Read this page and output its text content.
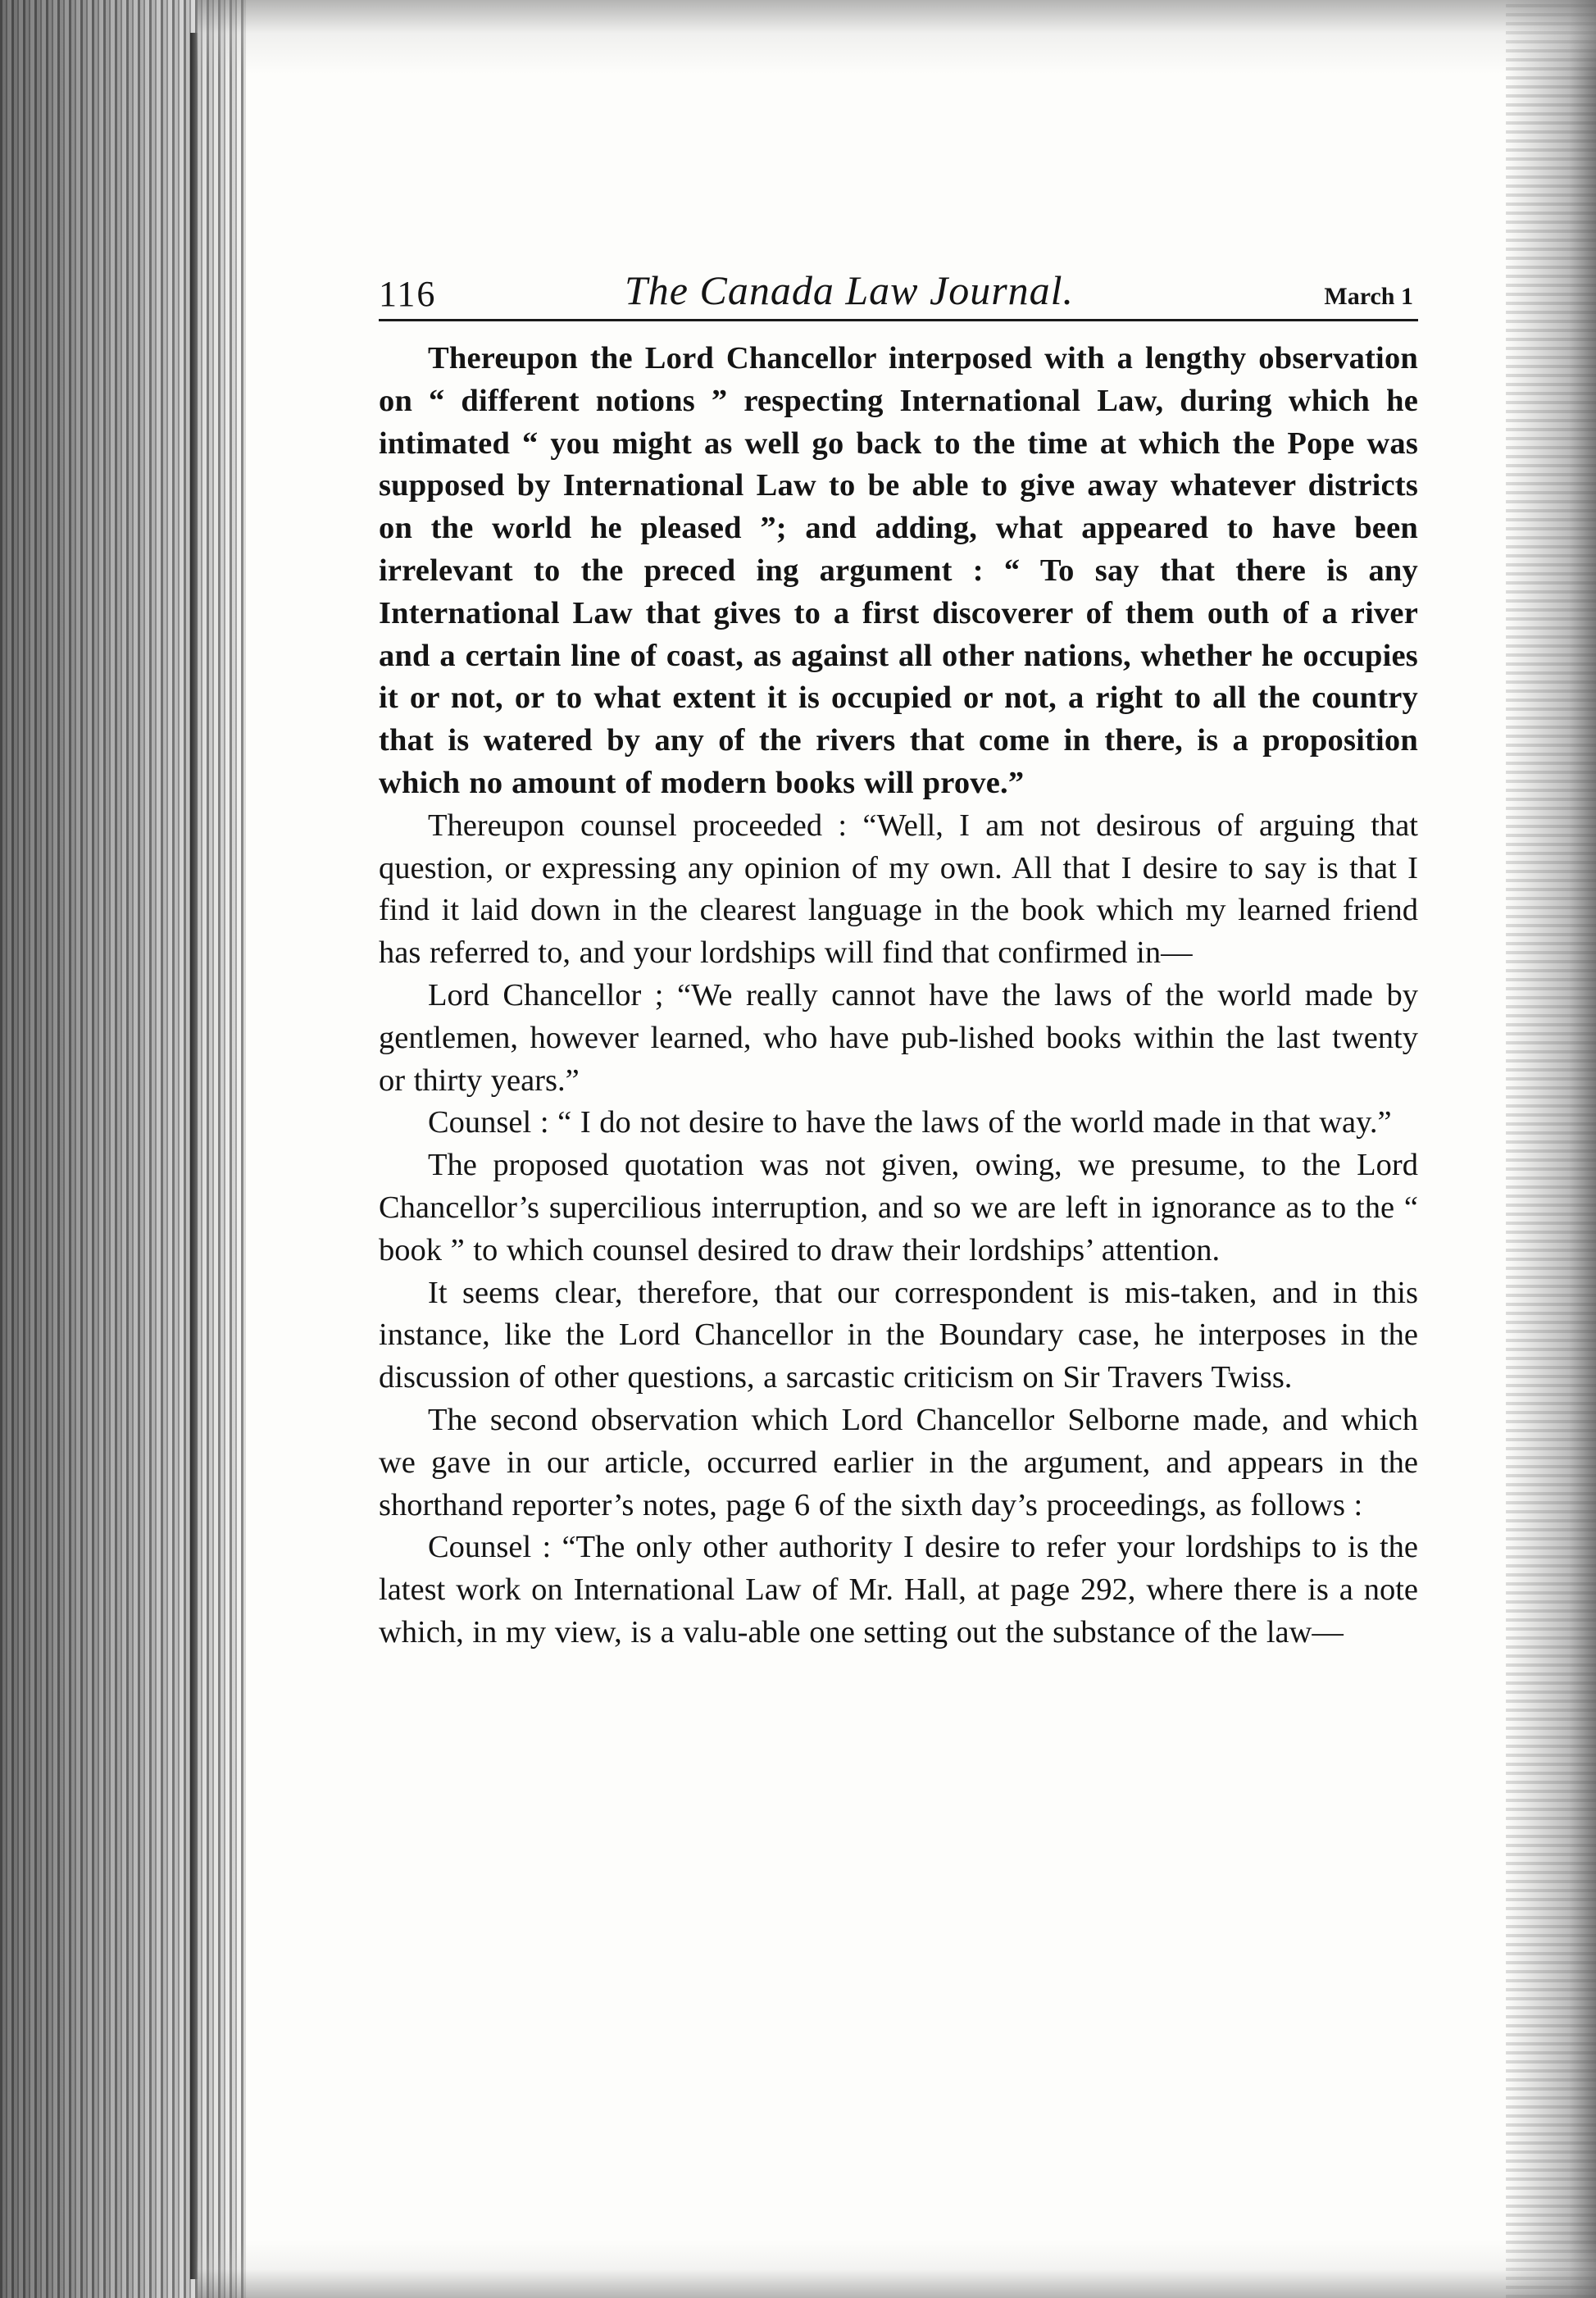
116	The Canada Law Journal.	March 1

Thereupon the Lord Chancellor interposed with a lengthy observation on “ different notions ” respecting International Law, during which he intimated “ you might as well go back to the time at which the Pope was supposed by International Law to be able to give away whatever districts on the world he pleased ”; and adding, what appeared to have been irrelevant to the preced ing argument : “ To say that there is any International Law that gives to a first discoverer of them outh of a river and a certain line of coast, as against all other nations, whether he occupies it or not, or to what extent it is occupied or not, a right to all the country that is watered by any of the rivers that come in there, is a proposition which no amount of modern books will prove.”

Thereupon counsel proceeded : “Well, I am not desirous of arguing that question, or expressing any opinion of my own. All that I desire to say is that I find it laid down in the clearest language in the book which my learned friend has referred to, and your lordships will find that confirmed in—

Lord Chancellor ; “We really cannot have the laws of the world made by gentlemen, however learned, who have pub-lished books within the last twenty or thirty years.”

Counsel : “ I do not desire to have the laws of the world made in that way.”

The proposed quotation was not given, owing, we presume, to the Lord Chancellor’s supercilious interruption, and so we are left in ignorance as to the “ book ” to which counsel desired to draw their lordships’ attention.

It seems clear, therefore, that our correspondent is mis-taken, and in this instance, like the Lord Chancellor in the Boundary case, he interposes in the discussion of other questions, a sarcastic criticism on Sir Travers Twiss.

The second observation which Lord Chancellor Selborne made, and which we gave in our article, occurred earlier in the argument, and appears in the shorthand reporter’s notes, page 6 of the sixth day’s proceedings, as follows :

Counsel : “The only other authority I desire to refer your lordships to is the latest work on International Law of Mr. Hall, at page 292, where there is a note which, in my view, is a valu-able one setting out the substance of the law—
